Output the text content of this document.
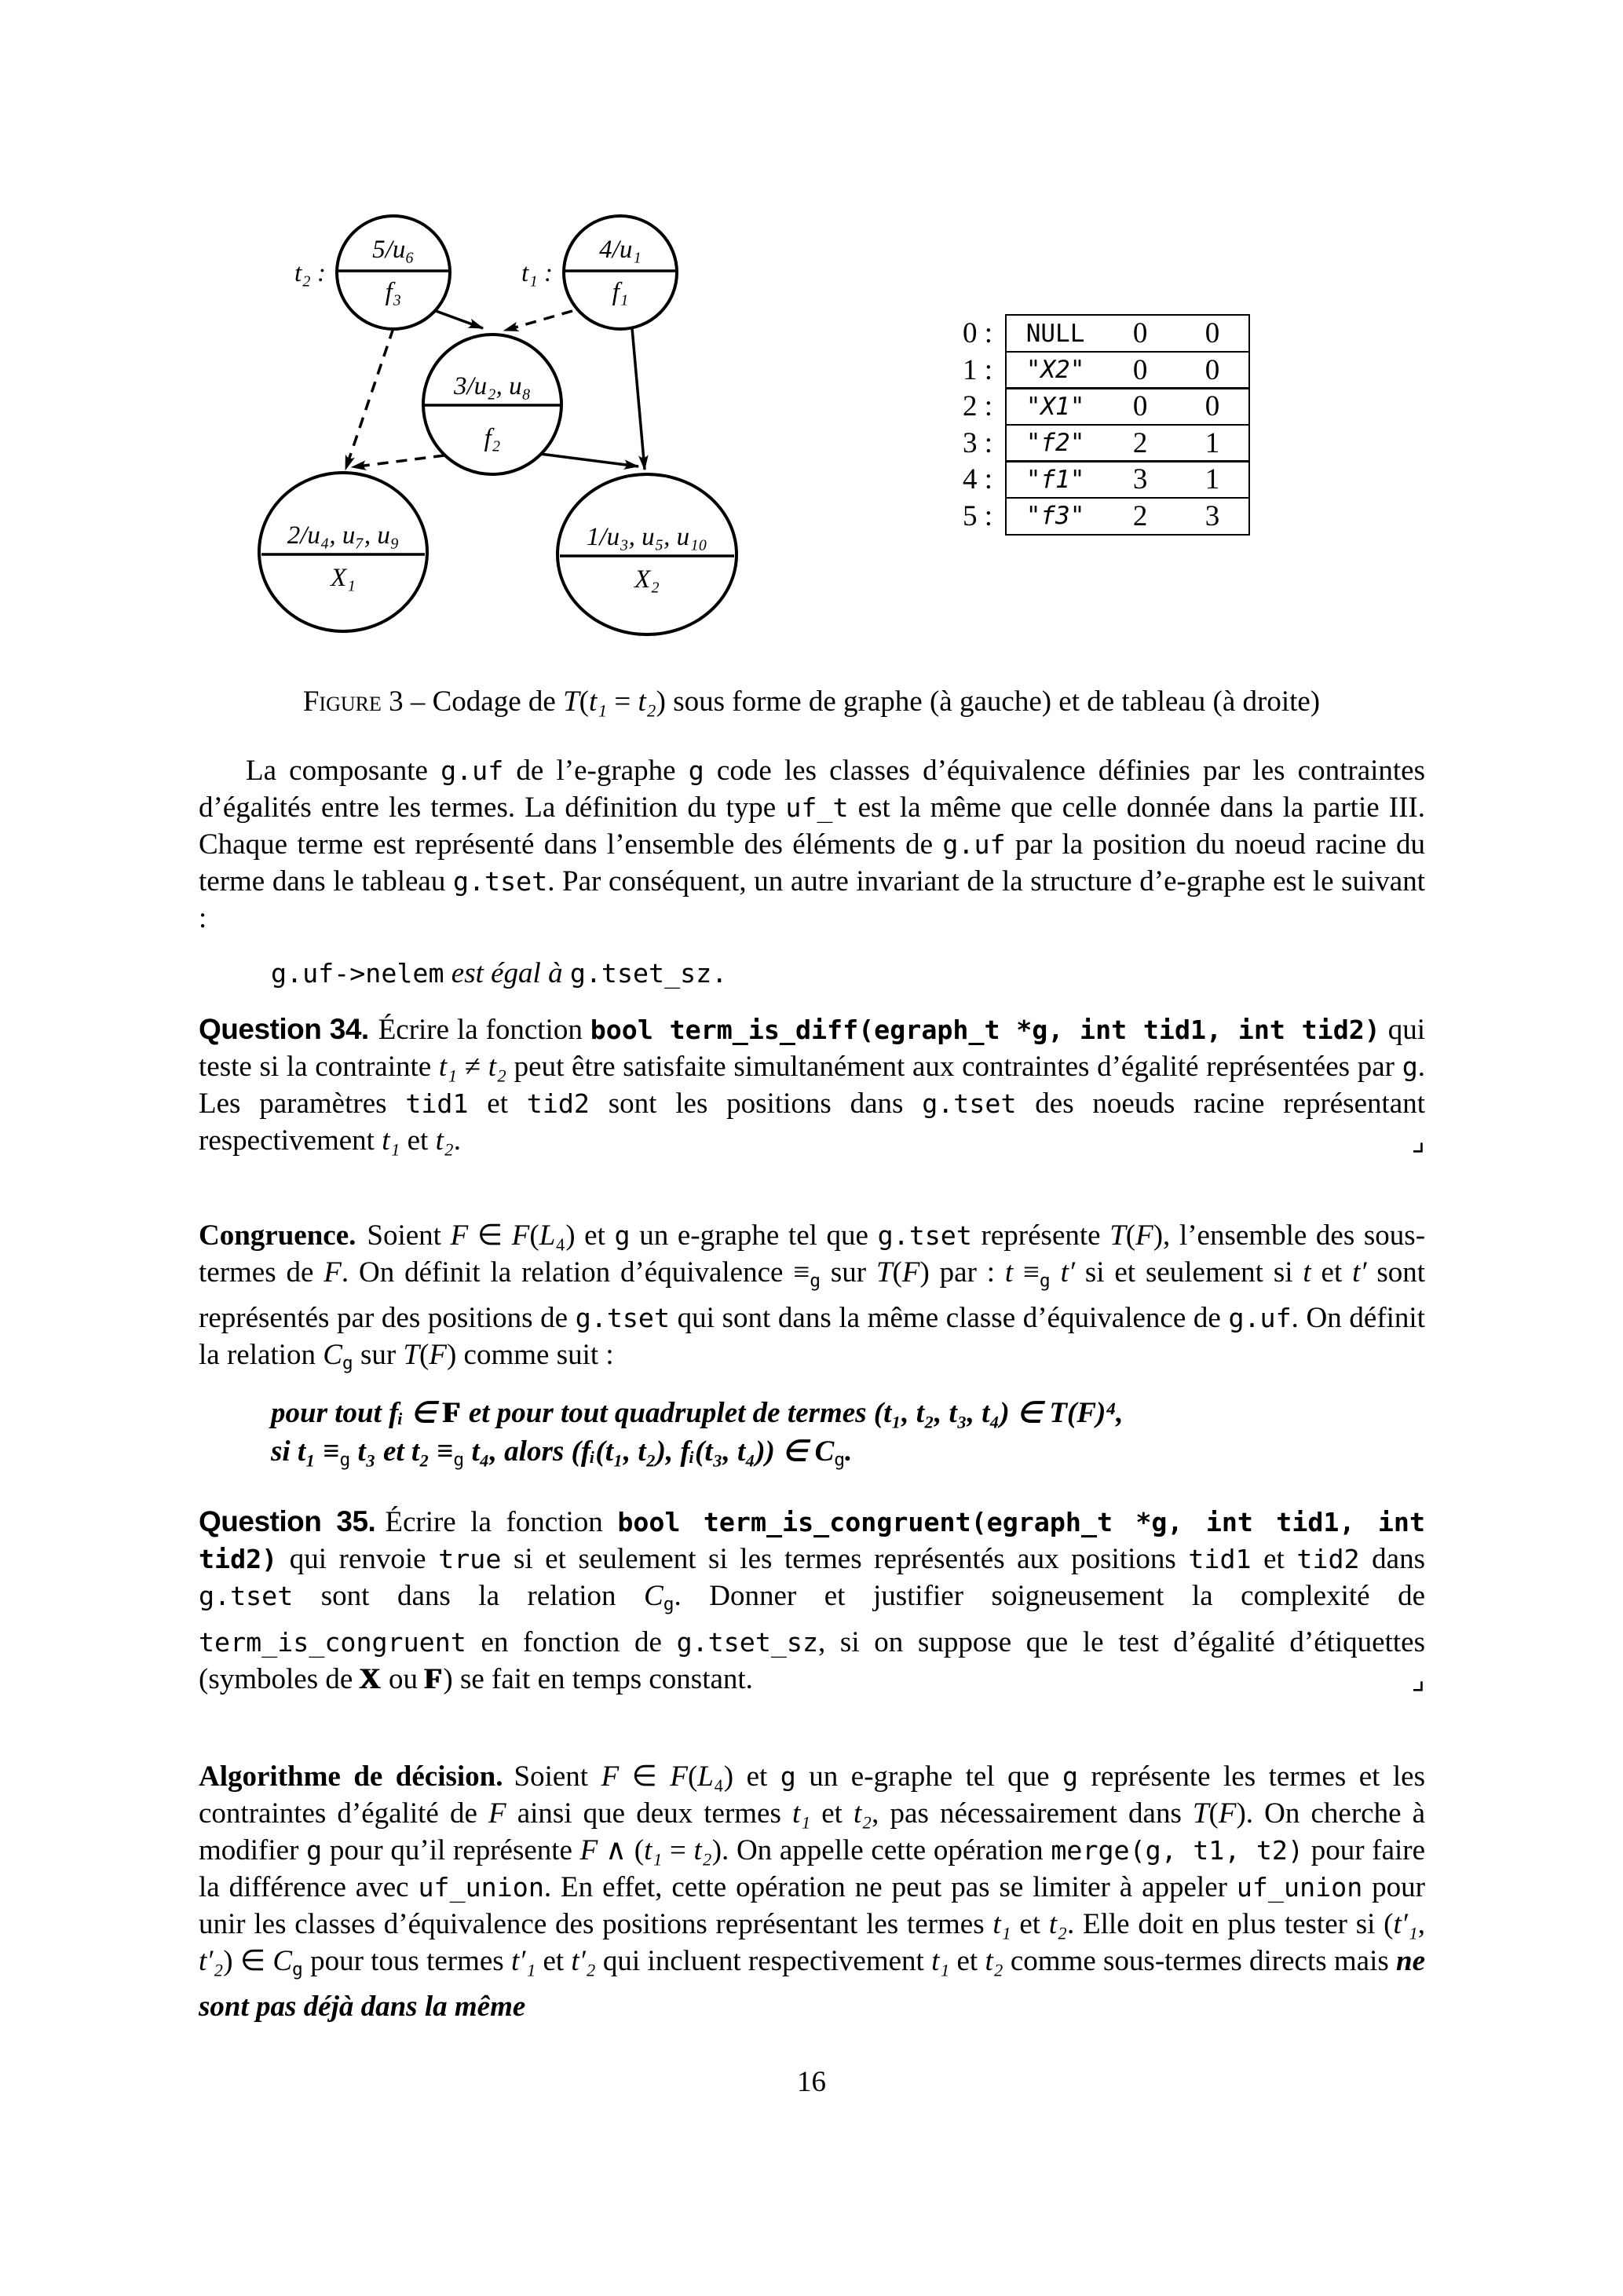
5/u₆
f₃
t₂ :
4/u₁
f₁
t₁ :
3/u₂, u₈
f₂
2/u₄, u₇, u₉
X₁
1/u₃, u₅, u₁₀
X₂
0 :	NULL	0	0
1 :	"X2"	0	0
2 :	"X1"	0	0
3 :	"f2"	2	1
4 :	"f1"	3	1
5 :	"f3"	2	3
Figure 3 – Codage de T(t₁ = t₂) sous forme de graphe (à gauche) et de tableau (à droite)

La composante g.uf de l’e-graphe g code les classes d’équivalence définies par les contraintes d’égalités entre les termes. La définition du type uf_t est la même que celle donnée dans la partie III. Chaque terme est représenté dans l’ensemble des éléments de g.uf par la position du noeud racine du terme dans le tableau g.tset. Par conséquent, un autre invariant de la structure d’e-graphe est le suivant :

g.uf->nelem est égal à g.tset_sz.

Question 34. Écrire la fonction bool term_is_diff(egraph_t *g, int tid1, int tid2) qui teste si la contrainte t₁ ≠ t₂ peut être satisfaite simultanément aux contraintes d’égalité représentées par g. Les paramètres tid1 et tid2 sont les positions dans g.tset des noeuds racine représentant respectivement t₁ et t₂.	⌟

Congruence. Soient F ∈ F(L₄) et g un e-graphe tel que g.tset représente T(F), l’ensemble des sous-termes de F. On définit la relation d’équivalence ≡g sur T(F) par : t ≡g t′ si et seulement si t et t′ sont représentés par des positions de g.tset qui sont dans la même classe d’équivalence de g.uf. On définit la relation Cg sur T(F) comme suit :

pour tout fᵢ ∈ F et pour tout quadruplet de termes (t₁, t₂, t₃, t₄) ∈ T(F)⁴,

si t₁ ≡g t₃ et t₂ ≡g t₄, alors (fᵢ(t₁, t₂), fᵢ(t₃, t₄)) ∈ Cg.

Question 35. Écrire la fonction bool term_is_congruent(egraph_t *g, int tid1, int tid2) qui renvoie true si et seulement si les termes représentés aux positions tid1 et tid2 dans g.tset sont dans la relation Cg. Donner et justifier soigneusement la complexité de term_is_congruent en fonction de g.tset_sz, si on suppose que le test d’égalité d’étiquettes (symboles de X ou F) se fait en temps constant.	⌟

Algorithme de décision. Soient F ∈ F(L₄) et g un e-graphe tel que g représente les termes et les contraintes d’égalité de F ainsi que deux termes t₁ et t₂, pas nécessairement dans T(F). On cherche à modifier g pour qu’il représente F ∧ (t₁ = t₂). On appelle cette opération merge(g, t1, t2) pour faire la différence avec uf_union. En effet, cette opération ne peut pas se limiter à appeler uf_union pour unir les classes d’équivalence des positions représentant les termes t₁ et t₂. Elle doit en plus tester si (t′₁, t′₂) ∈ Cg pour tous termes t′₁ et t′₂ qui incluent respectivement t₁ et t₂ comme sous-termes directs mais ne sont pas déjà dans la même

16
